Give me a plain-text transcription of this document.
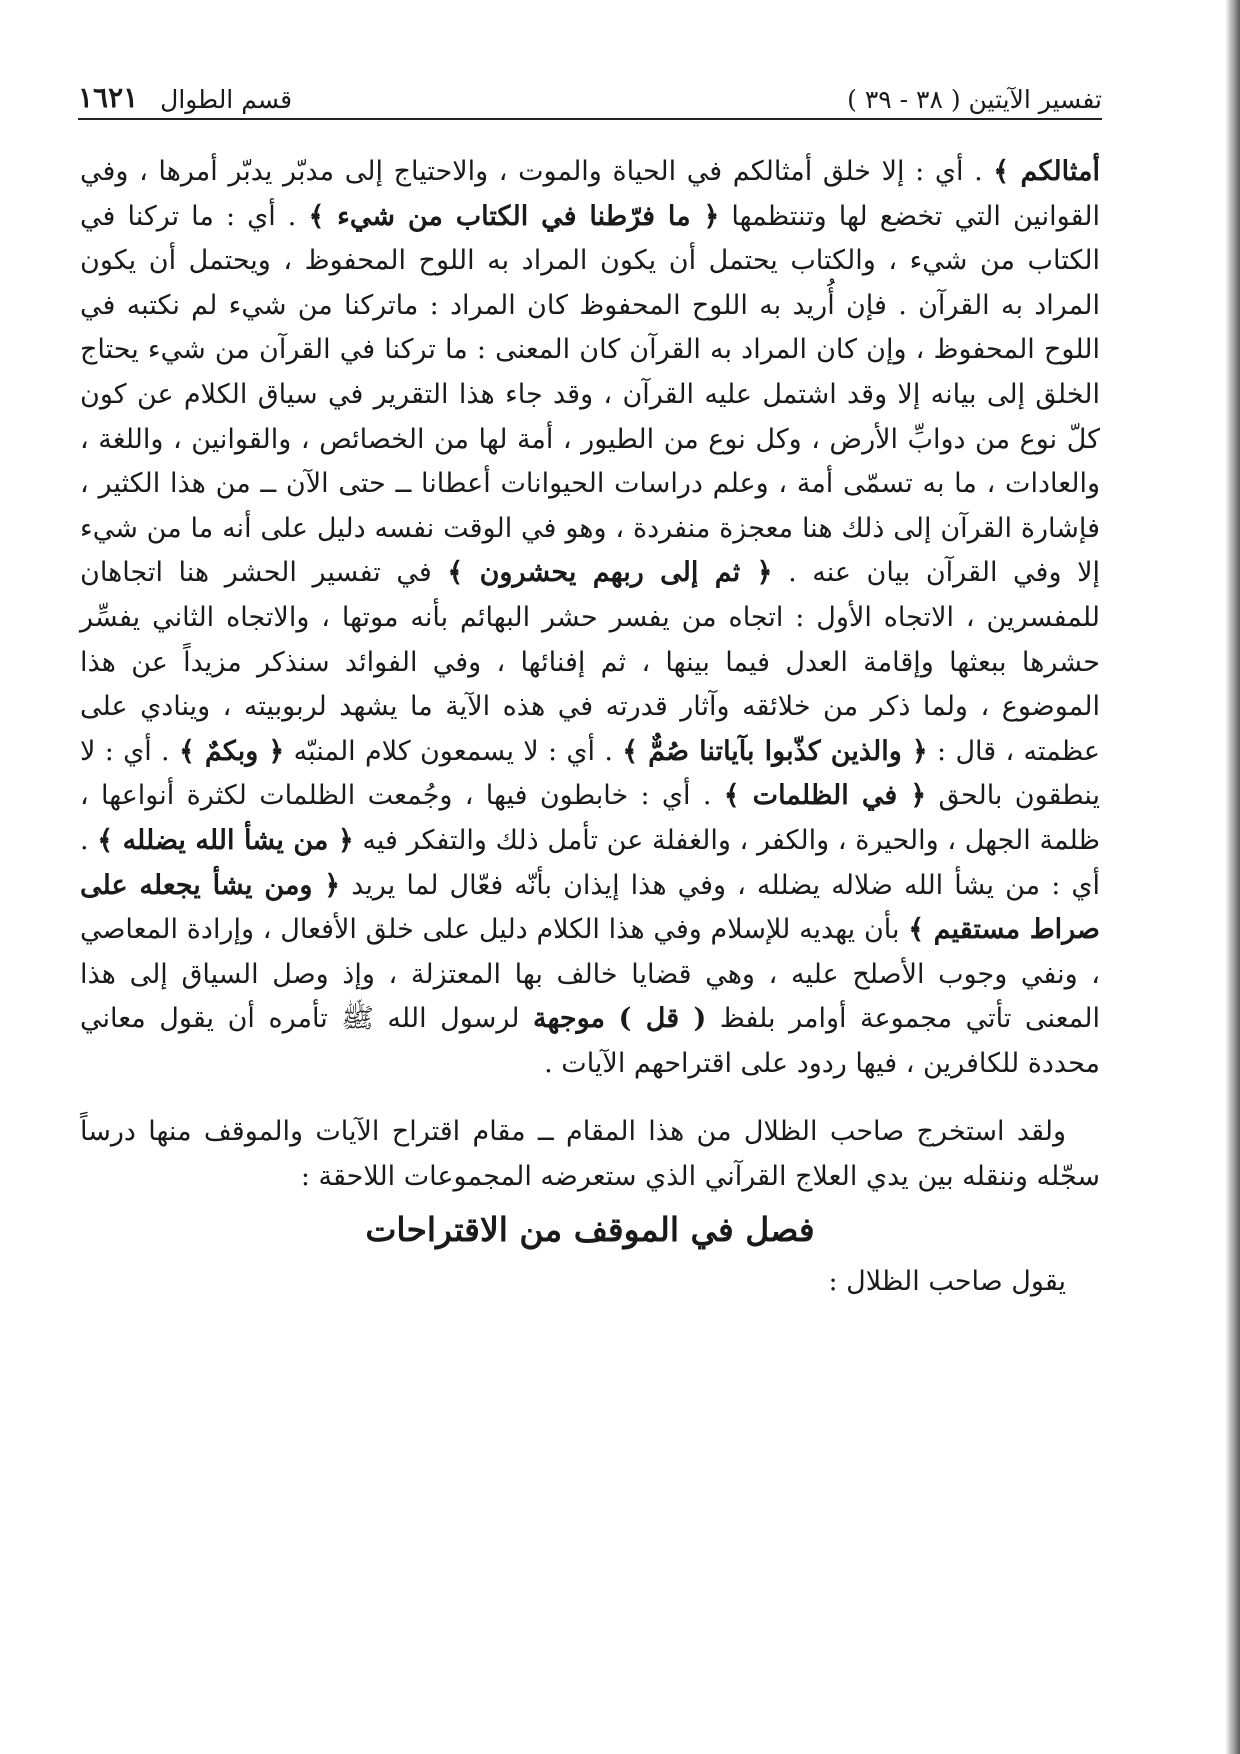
تفسير الآيتين ( ٣٨ - ٣٩ )
قسم الطوال
١٦٢١

أمثالكم ﴾ . أي : إلا خلق أمثالكم في الحياة والموت ، والاحتياج إلى مدبّر يدبّر أمرها ، وفي القوانين التي تخضع لها وتنتظمها ﴿ ما فرّطنا في الكتاب من شيء ﴾ . أي : ما تركنا في الكتاب من شيء ، والكتاب يحتمل أن يكون المراد به اللوح المحفوظ ، ويحتمل أن يكون المراد به القرآن . فإن أُريد به اللوح المحفوظ كان المراد : ماتركنا من شيء لم نكتبه في اللوح المحفوظ ، وإن كان المراد به القرآن كان المعنى : ما تركنا في القرآن من شيء يحتاج الخلق إلى بيانه إلا وقد اشتمل عليه القرآن ، وقد جاء هذا التقرير في سياق الكلام عن كون كلّ نوع من دوابِّ الأرض ، وكل نوع من الطيور ، أمة لها من الخصائص ، والقوانين ، واللغة ، والعادات ، ما به تسمّى أمة ، وعلم دراسات الحيوانات أعطانا ــ حتى الآن ــ من هذا الكثير ، فإشارة القرآن إلى ذلك هنا معجزة منفردة ، وهو في الوقت نفسه دليل على أنه ما من شيء إلا وفي القرآن بيان عنه . ﴿ ثم إلى ربهم يحشرون ﴾ في تفسير الحشر هنا اتجاهان للمفسرين ، الاتجاه الأول : اتجاه من يفسر حشر البهائم بأنه موتها ، والاتجاه الثاني يفسِّر حشرها ببعثها وإقامة العدل فيما بينها ، ثم إفنائها ، وفي الفوائد سنذكر مزيداً عن هذا الموضوع ، ولما ذكر من خلائقه وآثار قدرته في هذه الآية ما يشهد لربوبيته ، وينادي على عظمته ، قال : ﴿ والذين كذّبوا بآياتنا صُمٌّ ﴾ . أي : لا يسمعون كلام المنبّه ﴿ وبكمٌ ﴾ . أي : لا ينطقون بالحق ﴿ في الظلمات ﴾ . أي : خابطون فيها ، وجُمعت الظلمات لكثرة أنواعها ، ظلمة الجهل ، والحيرة ، والكفر ، والغفلة عن تأمل ذلك والتفكر فيه ﴿ من يشأ الله يضلله ﴾ . أي : من يشأ الله ضلاله يضلله ، وفي هذا إيذان بأنّه فعّال لما يريد ﴿ ومن يشأ يجعله على صراط مستقيم ﴾ بأن يهديه للإسلام وفي هذا الكلام دليل على خلق الأفعال ، وإرادة المعاصي ، ونفي وجوب الأصلح عليه ، وهي قضايا خالف بها المعتزلة ، وإذ وصل السياق إلى هذا المعنى تأتي مجموعة أوامر بلفظ ( قل ) موجهة لرسول الله ﷺ تأمره أن يقول معاني محددة للكافرين ، فيها ردود على اقتراحهم الآيات .

ولقد استخرج صاحب الظلال من هذا المقام ــ مقام اقتراح الآيات والموقف منها درساً سجّله وننقله بين يدي العلاج القرآني الذي ستعرضه المجموعات اللاحقة :

فصل في الموقف من الاقتراحات

يقول صاحب الظلال :
